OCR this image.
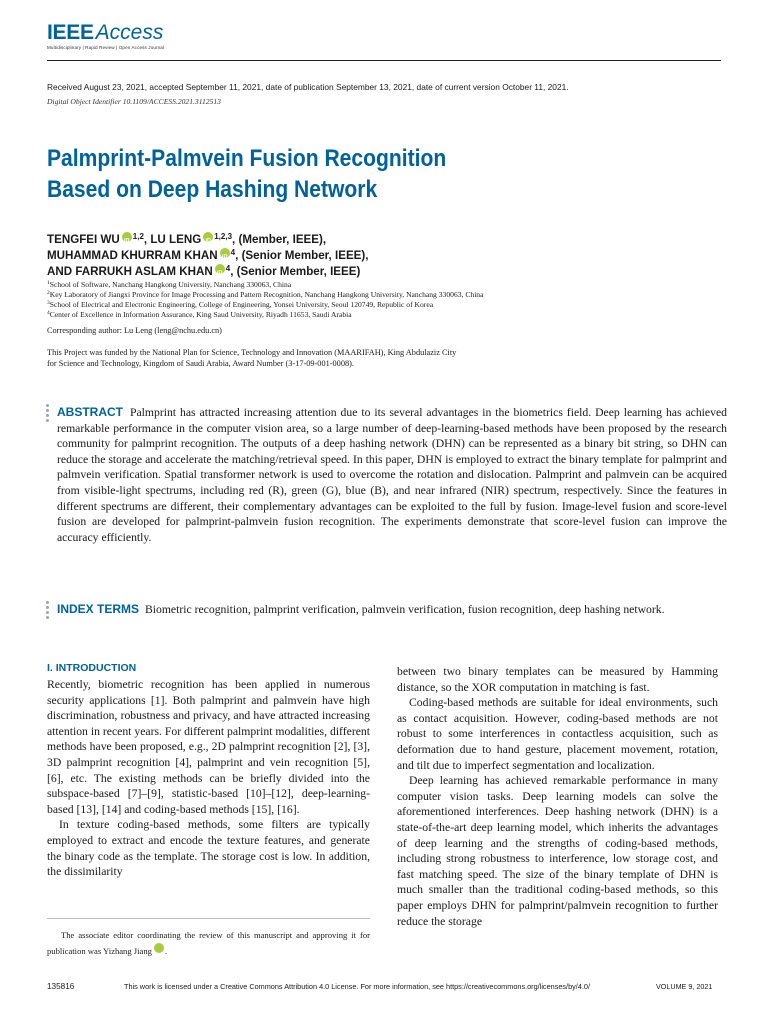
IEEEAccess
Multidisciplinary | Rapid Review | Open Access Journal
Received August 23, 2021, accepted September 11, 2021, date of publication September 13, 2021, date of current version October 11, 2021.
Digital Object Identifier 10.1109/ACCESS.2021.3112513
Palmprint-Palmvein Fusion Recognition
Based on Deep Hashing Network
TENGFEI WU iD $^{1,2}$, LU LENG iD $^{1,2,3}$, (Member, IEEE),
MUHAMMAD KHURRAM KHAN iD $^4$, (Senior Member, IEEE),
AND FARRUKH ASLAM KHAN iD $^4$, (Senior Member, IEEE)
$^1$School of Software, Nanchang Hangkong University, Nanchang 330063, China
$^2$Key Laboratory of Jiangxi Province for Image Processing and Pattern Recognition, Nanchang Hangkong University, Nanchang 330063, China
$^3$School of Electrical and Electronic Engineering, College of Engineering, Yonsei University, Seoul 120749, Republic of Korea
$^4$Center of Excellence in Information Assurance, King Saud University, Riyadh 11653, Saudi Arabia
Corresponding author: Lu Leng (leng@nchu.edu.cn)
This Project was funded by the National Plan for Science, Technology and Innovation (MAARIFAH), King Abdulaziz City
for Science and Technology, Kingdom of Saudi Arabia, Award Number (3-17-09-001-0008).
ABSTRACT Palmprint has attracted increasing attention due to its several advantages in the biometrics field. Deep learning has achieved remarkable performance in the computer vision area, so a large number of deep-learning-based methods have been proposed by the research community for palmprint recognition. The outputs of a deep hashing network (DHN) can be represented as a binary bit string, so DHN can reduce the storage and accelerate the matching/retrieval speed. In this paper, DHN is employed to extract the binary template for palmprint and palmvein verification. Spatial transformer network is used to overcome the rotation and dislocation. Palmprint and palmvein can be acquired from visible-light spectrums, including red (R), green (G), blue (B), and near infrared (NIR) spectrum, respectively. Since the features in different spectrums are different, their complementary advantages can be exploited to the full by fusion. Image-level fusion and score-level fusion are developed for palmprint-palmvein fusion recognition. The experiments demonstrate that score-level fusion can improve the accuracy efficiently.
INDEX TERMS Biometric recognition, palmprint verification, palmvein verification, fusion recognition, deep hashing network.
I. INTRODUCTION

Recently, biometric recognition has been applied in numerous security applications [1]. Both palmprint and palmvein have high discrimination, robustness and privacy, and have attracted increasing attention in recent years. For different palmprint modalities, different methods have been proposed, e.g., 2D palmprint recognition [2], [3], 3D palmprint recognition [4], palmprint and vein recognition [5], [6], etc. The existing methods can be briefly divided into the subspace-based [7]–[9], statistic-based [10]–[12], deep-learning-based [13], [14] and coding-based methods [15], [16].

In texture coding-based methods, some filters are typically employed to extract and encode the texture features, and generate the binary code as the template. The storage cost is low. In addition, the dissimilarity

between two binary templates can be measured by Hamming distance, so the XOR computation in matching is fast.

Coding-based methods are suitable for ideal environments, such as contact acquisition. However, coding-based methods are not robust to some interferences in contactless acquisition, such as deformation due to hand gesture, placement movement, rotation, and tilt due to imperfect segmentation and localization.

Deep learning has achieved remarkable performance in many computer vision tasks. Deep learning models can solve the aforementioned interferences. Deep hashing network (DHN) is a state-of-the-art deep learning model, which inherits the advantages of deep learning and the strengths of coding-based methods, including strong robustness to interference, low storage cost, and fast matching speed. The size of the binary template of DHN is much smaller than the traditional coding-based methods, so this paper employs DHN for palmprint/palmvein recognition to further reduce the storage

The associate editor coordinating the review of this manuscript and approving it for publication was Yizhang Jiang iD .

135816	This work is licensed under a Creative Commons Attribution 4.0 License. For more information, see https://creativecommons.org/licenses/by/4.0/	VOLUME 9, 2021
